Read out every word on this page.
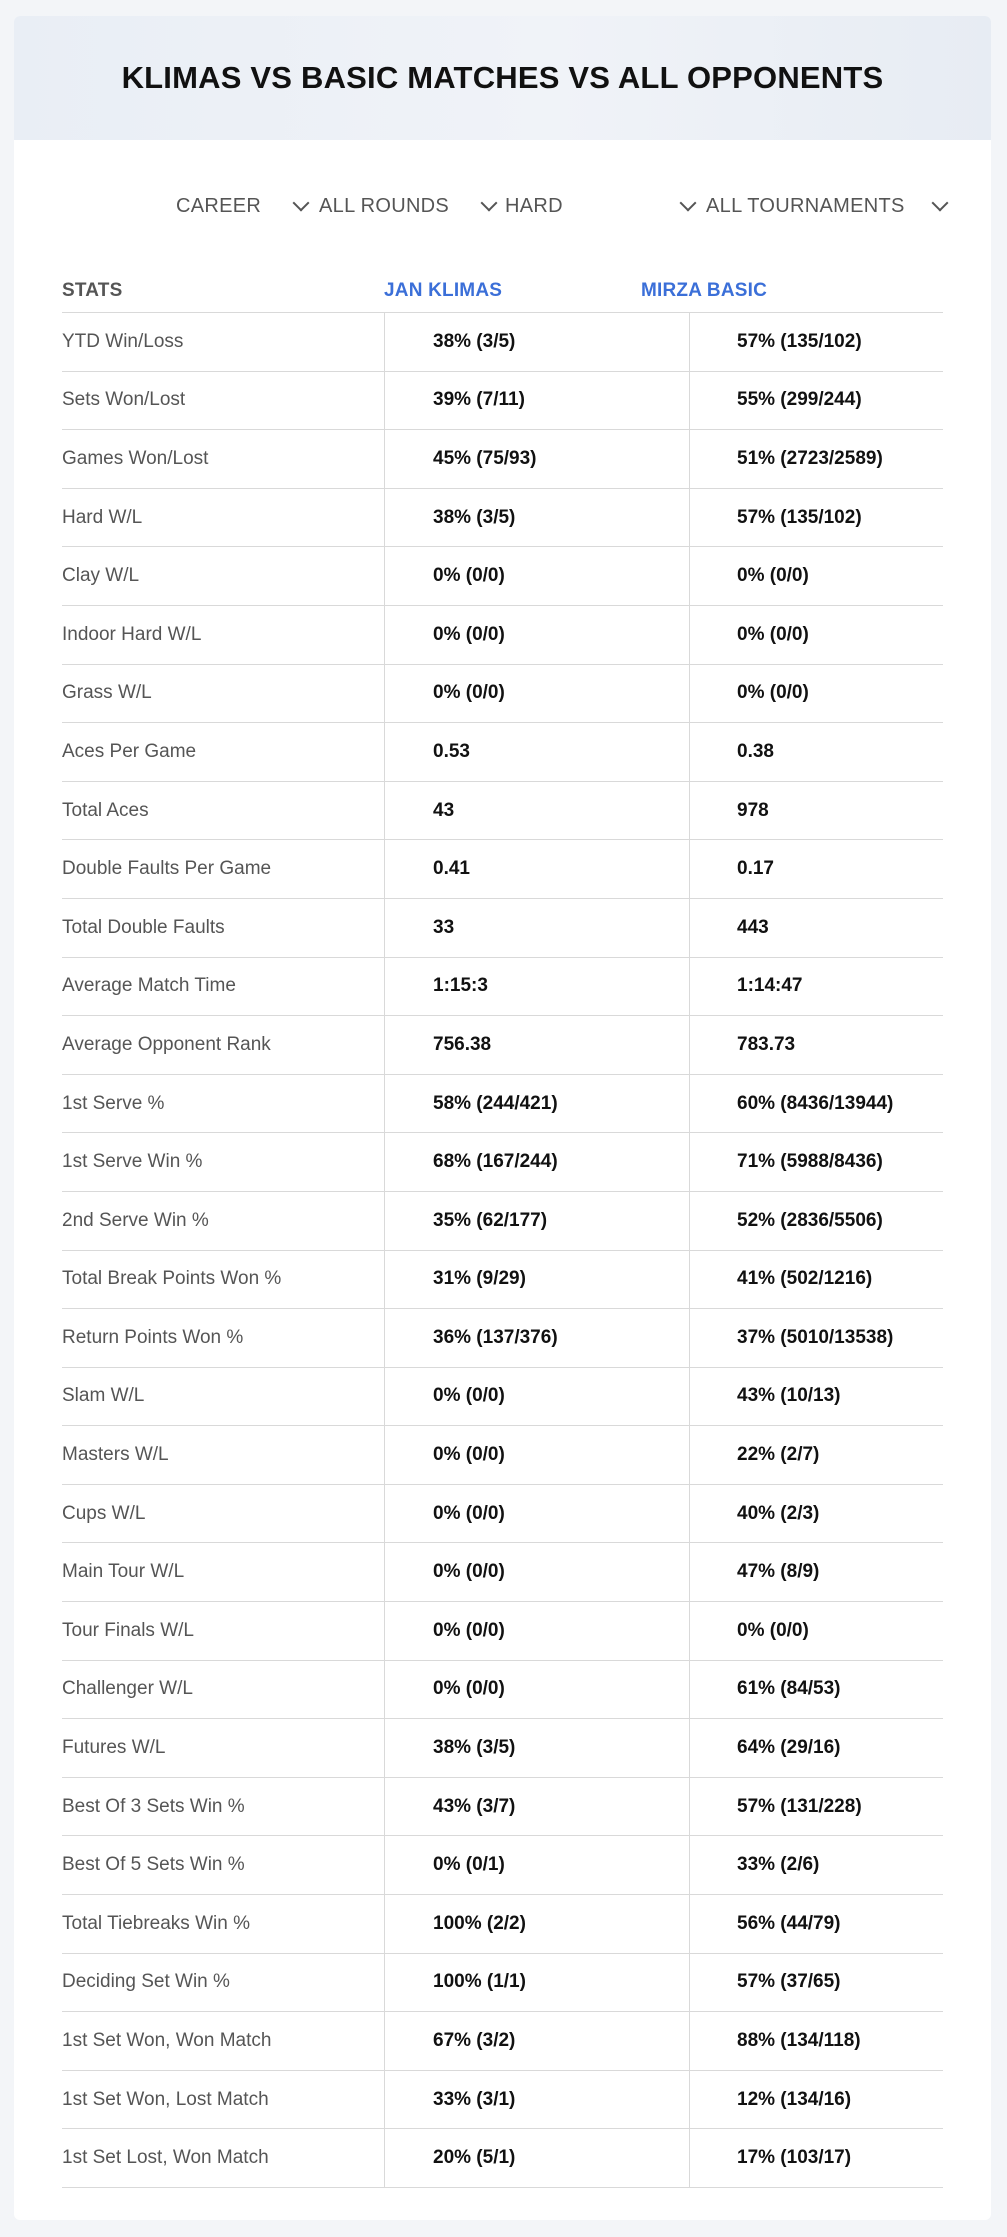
KLIMAS VS BASIC MATCHES VS ALL OPPONENTS
CAREER	ALL ROUNDS	HARD	ALL TOURNAMENTS
STATS	JAN KLIMAS	MIRZA BASIC
YTD Win/Loss	38% (3/5)	57% (135/102)
Sets Won/Lost	39% (7/11)	55% (299/244)
Games Won/Lost	45% (75/93)	51% (2723/2589)
Hard W/L	38% (3/5)	57% (135/102)
Clay W/L	0% (0/0)	0% (0/0)
Indoor Hard W/L	0% (0/0)	0% (0/0)
Grass W/L	0% (0/0)	0% (0/0)
Aces Per Game	0.53	0.38
Total Aces	43	978
Double Faults Per Game	0.41	0.17
Total Double Faults	33	443
Average Match Time	1:15:3	1:14:47
Average Opponent Rank	756.38	783.73
1st Serve %	58% (244/421)	60% (8436/13944)
1st Serve Win %	68% (167/244)	71% (5988/8436)
2nd Serve Win %	35% (62/177)	52% (2836/5506)
Total Break Points Won %	31% (9/29)	41% (502/1216)
Return Points Won %	36% (137/376)	37% (5010/13538)
Slam W/L	0% (0/0)	43% (10/13)
Masters W/L	0% (0/0)	22% (2/7)
Cups W/L	0% (0/0)	40% (2/3)
Main Tour W/L	0% (0/0)	47% (8/9)
Tour Finals W/L	0% (0/0)	0% (0/0)
Challenger W/L	0% (0/0)	61% (84/53)
Futures W/L	38% (3/5)	64% (29/16)
Best Of 3 Sets Win %	43% (3/7)	57% (131/228)
Best Of 5 Sets Win %	0% (0/1)	33% (2/6)
Total Tiebreaks Win %	100% (2/2)	56% (44/79)
Deciding Set Win %	100% (1/1)	57% (37/65)
1st Set Won, Won Match	67% (3/2)	88% (134/118)
1st Set Won, Lost Match	33% (3/1)	12% (134/16)
1st Set Lost, Won Match	20% (5/1)	17% (103/17)
